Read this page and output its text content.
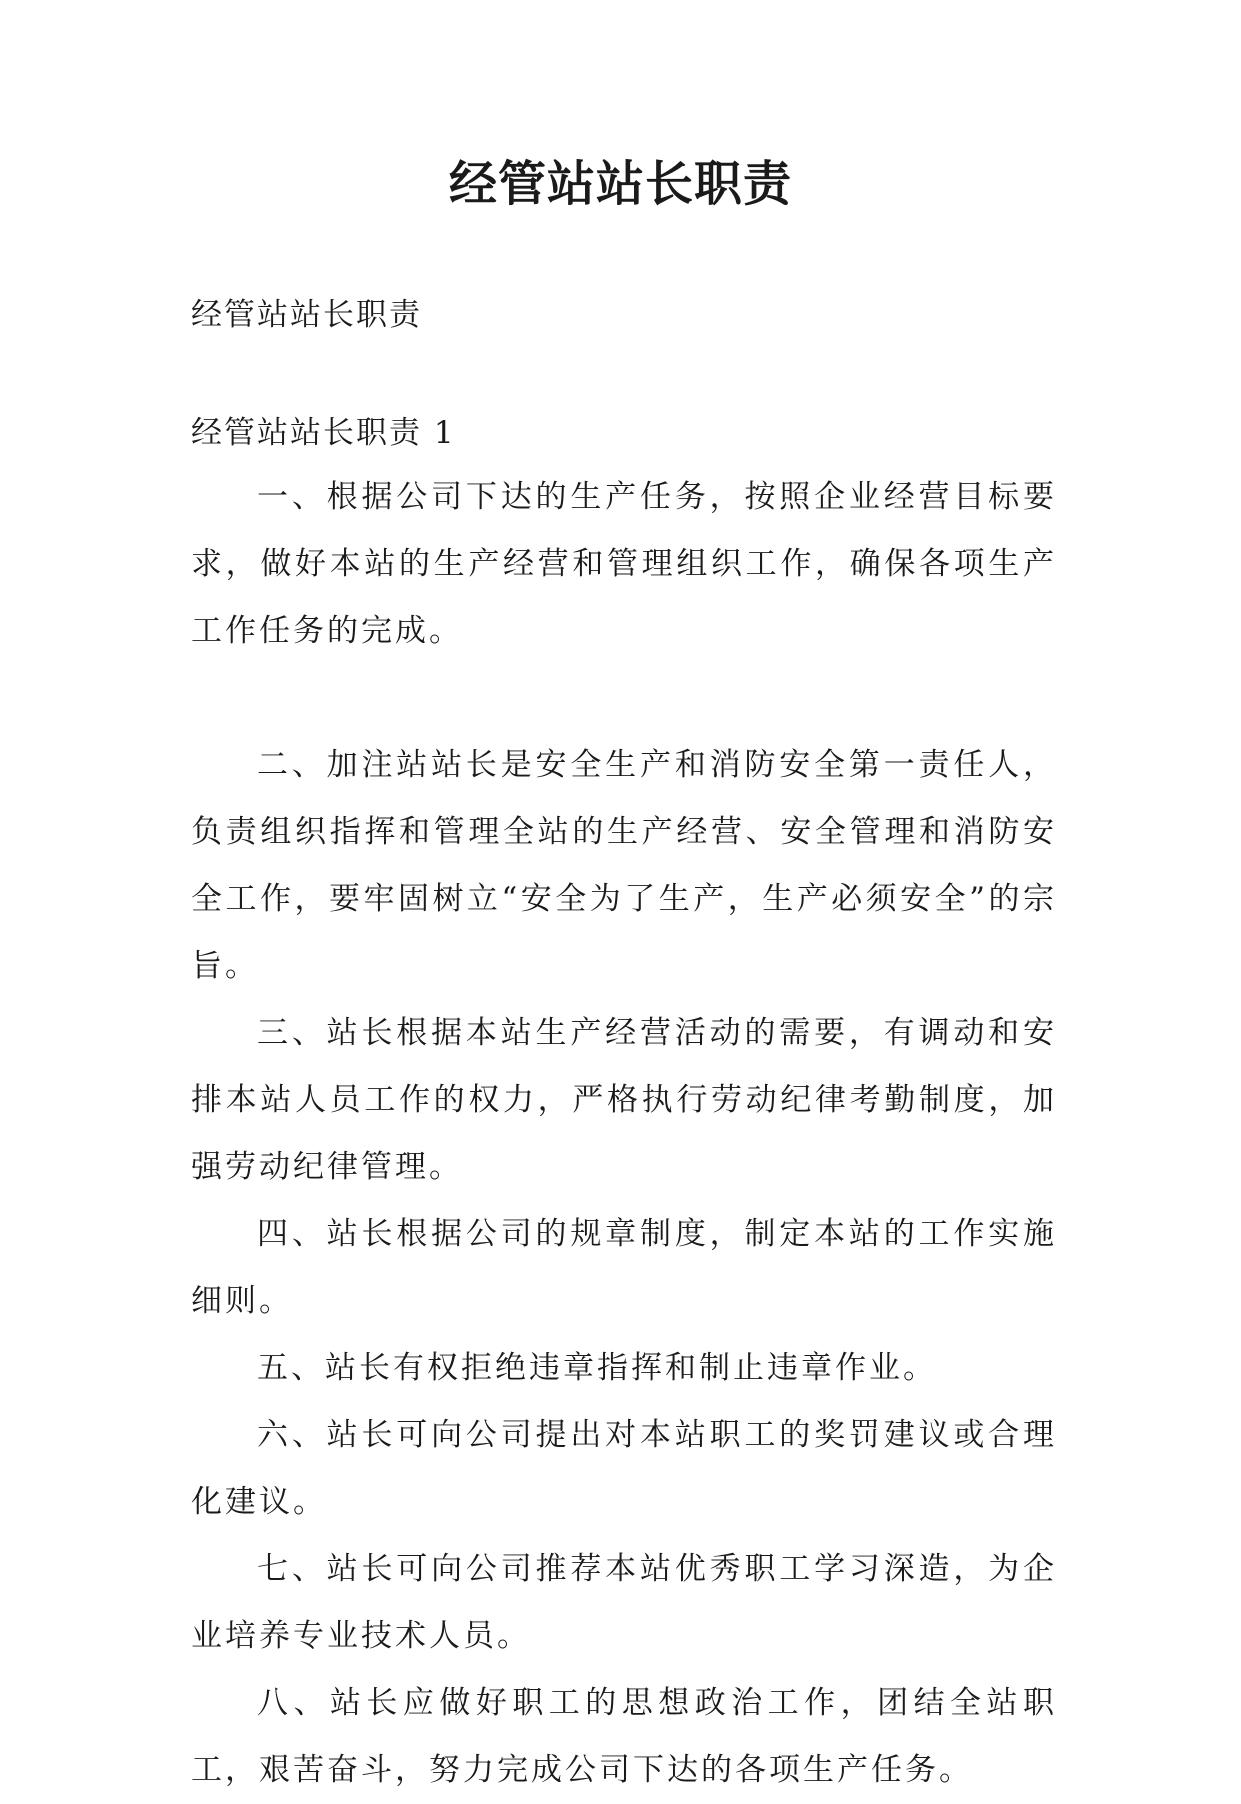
经管站站长职责

经管站站长职责

经管站站长职责 1

一、根据公司下达的生产任务，按照企业经营目标要求，做好本站的生产经营和管理组织工作，确保各项生产工作任务的完成。

二、加注站站长是安全生产和消防安全第一责任人，负责组织指挥和管理全站的生产经营、安全管理和消防安全工作，要牢固树立“安全为了生产，生产必须安全”的宗旨。

三、站长根据本站生产经营活动的需要，有调动和安排本站人员工作的权力，严格执行劳动纪律考勤制度，加强劳动纪律管理。

四、站长根据公司的规章制度，制定本站的工作实施细则。

五、站长有权拒绝违章指挥和制止违章作业。

六、站长可向公司提出对本站职工的奖罚建议或合理化建议。

七、站长可向公司推荐本站优秀职工学习深造，为企业培养专业技术人员。

八、站长应做好职工的思想政治工作，团结全站职工，艰苦奋斗，努力完成公司下达的各项生产任务。
